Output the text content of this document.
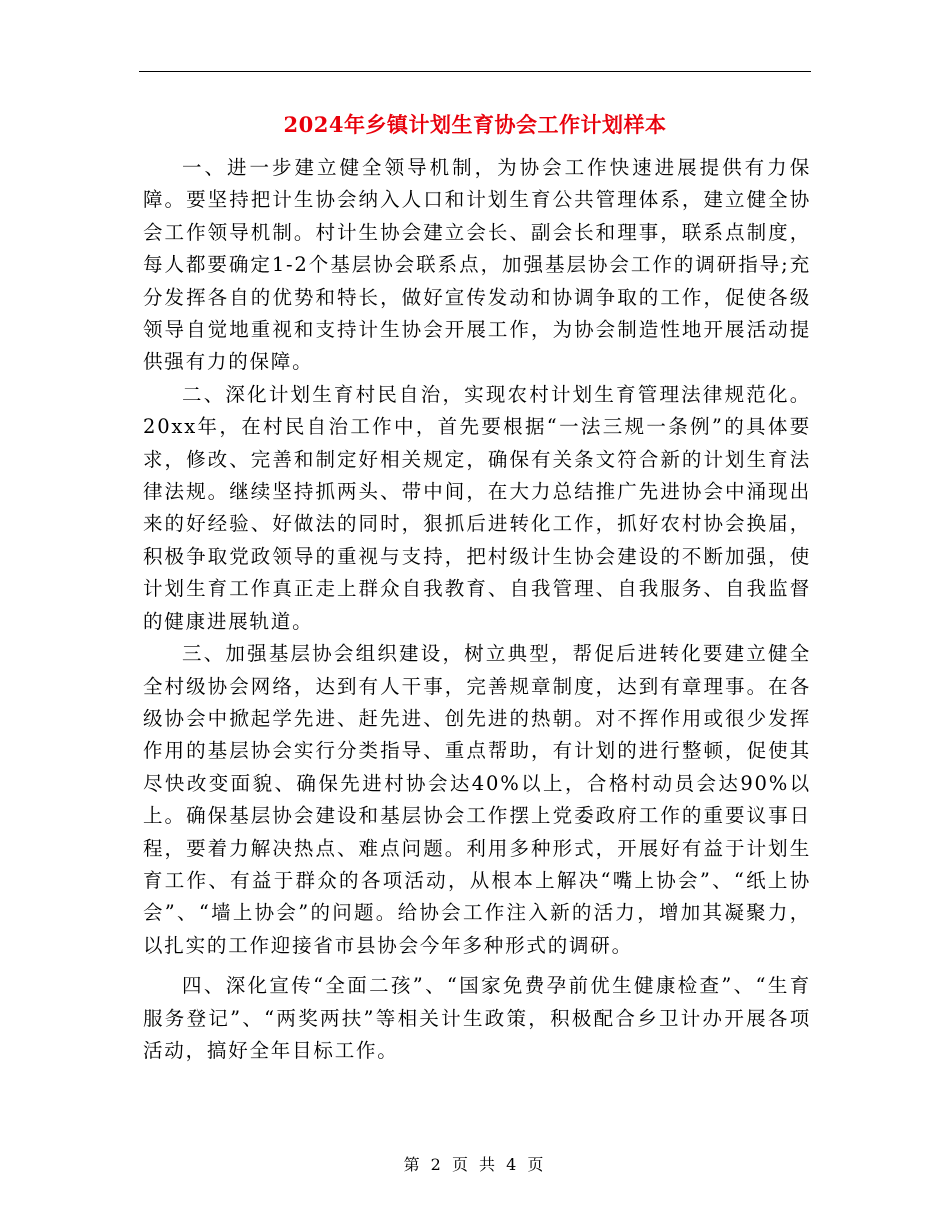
2024年乡镇计划生育协会工作计划样本

一、进一步建立健全领导机制，为协会工作快速进展提供有力保障。要坚持把计生协会纳入人口和计划生育公共管理体系，建立健全协会工作领导机制。村计生协会建立会长、副会长和理事，联系点制度，每人都要确定1-2个基层协会联系点，加强基层协会工作的调研指导;充分发挥各自的优势和特长，做好宣传发动和协调争取的工作，促使各级领导自觉地重视和支持计生协会开展工作，为协会制造性地开展活动提供强有力的保障。

二、深化计划生育村民自治，实现农村计划生育管理法律规范化。20xx年，在村民自治工作中，首先要根据“一法三规一条例”的具体要求，修改、完善和制定好相关规定，确保有关条文符合新的计划生育法律法规。继续坚持抓两头、带中间，在大力总结推广先进协会中涌现出来的好经验、好做法的同时，狠抓后进转化工作，抓好农村协会换届，积极争取党政领导的重视与支持，把村级计生协会建设的不断加强，使计划生育工作真正走上群众自我教育、自我管理、自我服务、自我监督的健康进展轨道。

三、加强基层协会组织建设，树立典型，帮促后进转化要建立健全全村级协会网络，达到有人干事，完善规章制度，达到有章理事。在各级协会中掀起学先进、赶先进、创先进的热朝。对不挥作用或很少发挥作用的基层协会实行分类指导、重点帮助，有计划的进行整顿，促使其尽快改变面貌、确保先进村协会达40%以上，合格村动员会达90%以上。确保基层协会建设和基层协会工作摆上党委政府工作的重要议事日程，要着力解决热点、难点问题。利用多种形式，开展好有益于计划生育工作、有益于群众的各项活动，从根本上解决“嘴上协会”、“纸上协会”、“墙上协会”的问题。给协会工作注入新的活力，增加其凝聚力，以扎实的工作迎接省市县协会今年多种形式的调研。

四、深化宣传“全面二孩”、“国家免费孕前优生健康检查”、“生育服务登记”、“两奖两扶”等相关计生政策，积极配合乡卫计办开展各项活动，搞好全年目标工作。

第 2 页 共 4 页
